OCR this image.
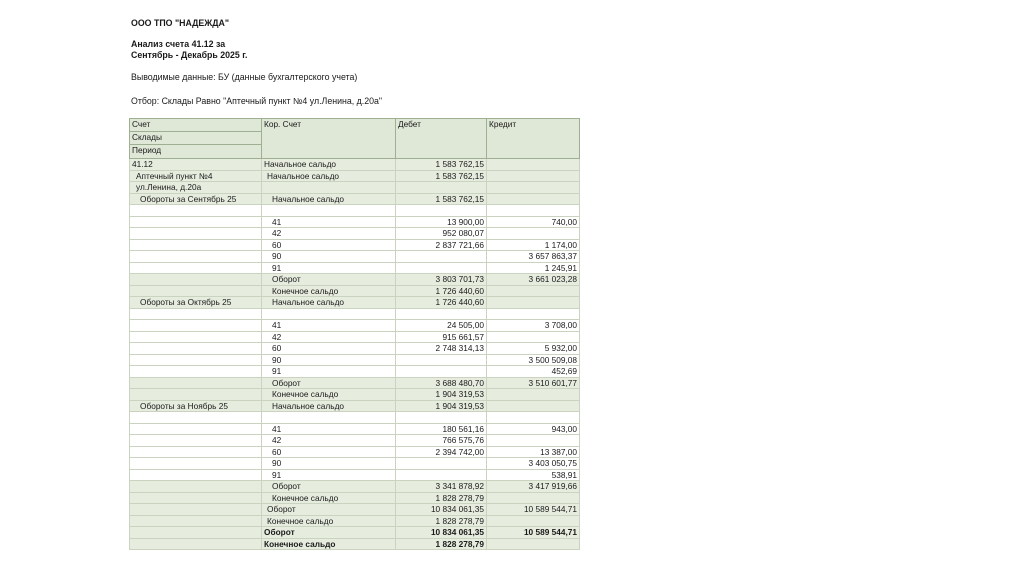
ООО ТПО "НАДЕЖДА"
Анализ счета 41.12 за
Сентябрь - Декабрь 2025 г.
Выводимые данные: БУ (данные бухгалтерского учета)
Отбор: Склады Равно "Аптечный пункт №4 ул.Ленина, д.20а"
Счет	Кор. Счет	Дебет	Кредит
Склады			
Период			
41.12	Начальное сальдо	1 583 762,15	
Аптечный пункт №4	Начальное сальдо	1 583 762,15	
ул.Ленина, д.20а			
Обороты за Сентябрь 25	Начальное сальдо	1 583 762,15	

	41	13 900,00	740,00
	42	952 080,07	
	60	2 837 721,66	1 174,00
	90		3 657 863,37
	91		1 245,91
	Оборот	3 803 701,73	3 661 023,28
	Конечное сальдо	1 726 440,60	
Обороты за Октябрь 25	Начальное сальдо	1 726 440,60	

	41	24 505,00	3 708,00
	42	915 661,57	
	60	2 748 314,13	5 932,00
	90		3 500 509,08
	91		452,69
	Оборот	3 688 480,70	3 510 601,77
	Конечное сальдо	1 904 319,53	
Обороты за Ноябрь 25	Начальное сальдо	1 904 319,53	

	41	180 561,16	943,00
	42	766 575,76	
	60	2 394 742,00	13 387,00
	90		3 403 050,75
	91		538,91
	Оборот	3 341 878,92	3 417 919,66
	Конечное сальдо	1 828 278,79	
	Оборот	10 834 061,35	10 589 544,71
	Конечное сальдо	1 828 278,79	
	Оборот	10 834 061,35	10 589 544,71
	Конечное сальдо	1 828 278,79	
